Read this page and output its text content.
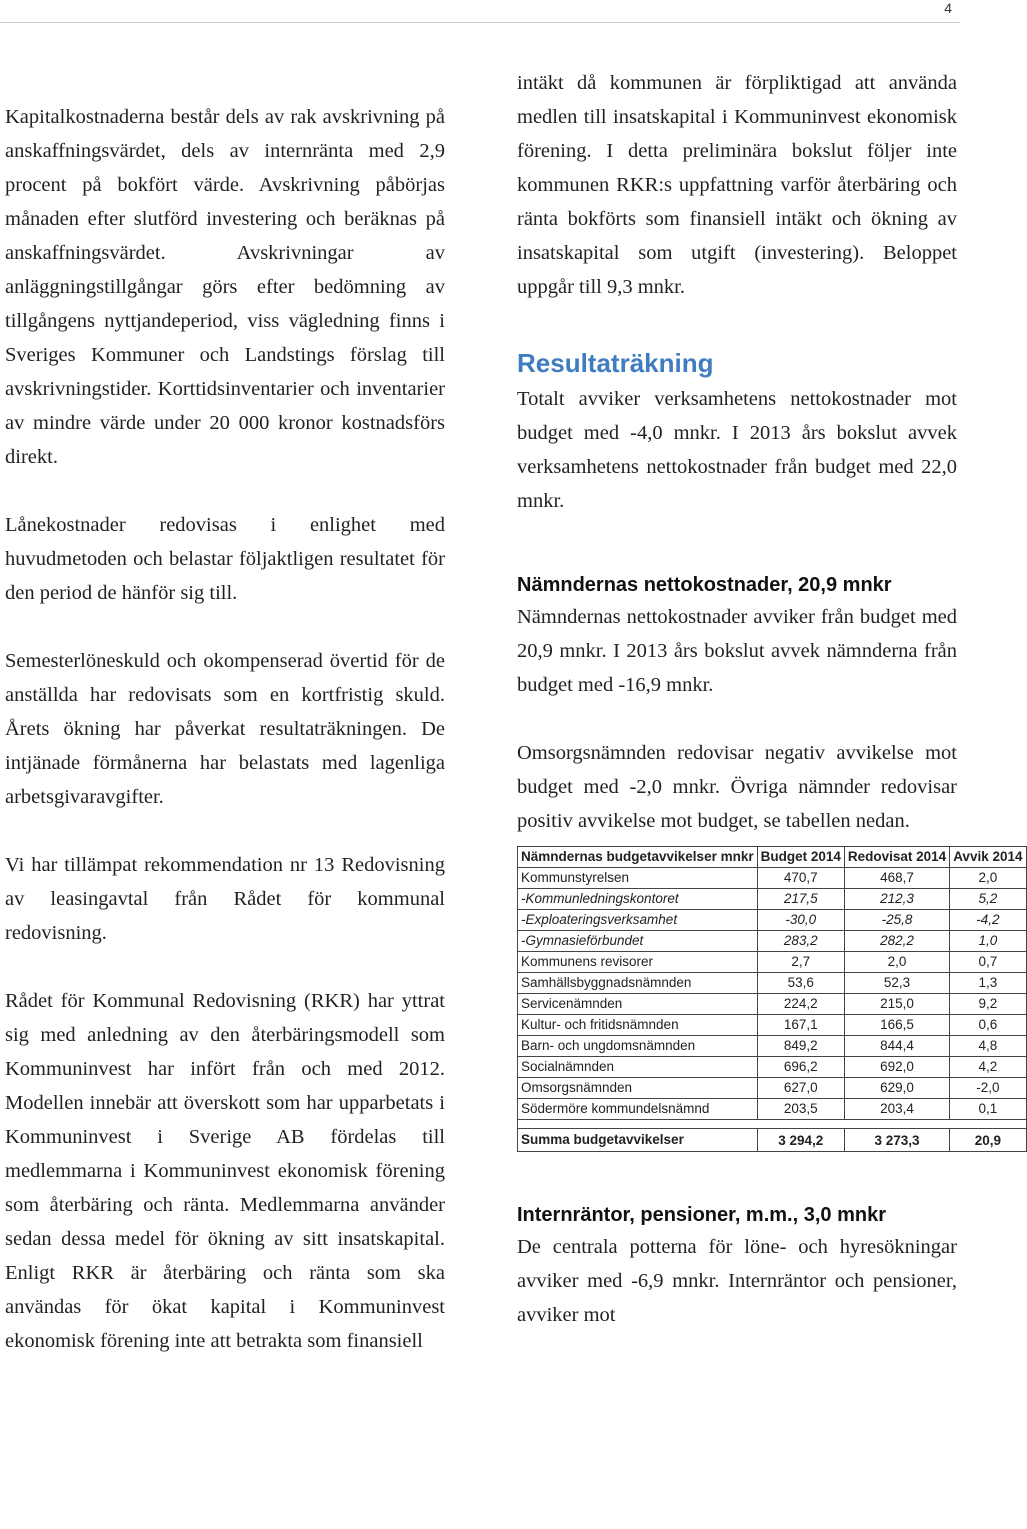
4

Kapitalkostnaderna består dels av rak avskrivning på anskaffningsvärdet, dels av internränta med 2,9 procent på bokfört värde. Avskrivning påbörjas månaden efter slutförd investering och beräknas på anskaffningsvärdet. Avskrivningar av anläggningstillgångar görs efter bedömning av tillgångens nyttjandeperiod, viss vägledning finns i Sveriges Kommuner och Landstings förslag till avskrivningstider. Korttidsinventarier och inventarier av mindre värde under 20 000 kronor kostnadsförs direkt.

Lånekostnader redovisas i enlighet med huvudmetoden och belastar följaktligen resultatet för den period de hänför sig till.

Semesterlöneskuld och okompenserad övertid för de anställda har redovisats som en kortfristig skuld. Årets ökning har påverkat resultaträkningen. De intjänade förmånerna har belastats med lagenliga arbetsgivaravgifter.

Vi har tillämpat rekommendation nr 13 Redovisning av leasingavtal från Rådet för kommunal redovisning.

Rådet för Kommunal Redovisning (RKR) har yttrat sig med anledning av den återbäringsmodell som Kommuninvest har infört från och med 2012. Modellen innebär att överskott som har upparbetats i Kommuninvest i Sverige AB fördelas till medlemmarna i Kommuninvest ekonomisk förening som återbäring och ränta. Medlemmarna använder sedan dessa medel för ökning av sitt insatskapital. Enligt RKR är återbäring och ränta som ska användas för ökat kapital i Kommuninvest ekonomisk förening inte att betrakta som finansiell

intäkt då kommunen är förpliktigad att använda medlen till insatskapital i Kommuninvest ekonomisk förening. I detta preliminära bokslut följer inte kommunen RKR:s uppfattning varför återbäring och ränta bokförts som finansiell intäkt och ökning av insatskapital som utgift (investering). Beloppet uppgår till 9,3 mnkr.

Resultaträkning

Totalt avviker verksamhetens nettokostnader mot budget med -4,0 mnkr. I 2013 års bokslut avvek verksamhetens nettokostnader från budget med 22,0 mnkr.

Nämndernas nettokostnader, 20,9 mnkr

Nämndernas nettokostnader avviker från budget med 20,9 mnkr. I 2013 års bokslut avvek nämnderna från budget med -16,9 mnkr.

Omsorgsnämnden redovisar negativ avvikelse mot budget med -2,0 mnkr. Övriga nämnder redovisar positiv avvikelse mot budget, se tabellen nedan.

Nämndernas budgetavvikelser mnkr	Budget 2014	Redovisat 2014	Avvik 2014
Kommunstyrelsen	470,7	468,7	2,0
-Kommunledningskontoret	217,5	212,3	5,2
-Exploateringsverksamhet	-30,0	-25,8	-4,2
-Gymnasieförbundet	283,2	282,2	1,0
Kommunens revisorer	2,7	2,0	0,7
Samhällsbyggnadsnämnden	53,6	52,3	1,3
Servicenämnden	224,2	215,0	9,2
Kultur- och fritidsnämnden	167,1	166,5	0,6
Barn- och ungdomsnämnden	849,2	844,4	4,8
Socialnämnden	696,2	692,0	4,2
Omsorgsnämnden	627,0	629,0	-2,0
Södermöre kommundelsnämnd	203,5	203,4	0,1

Summa budgetavvikelser	3 294,2	3 273,3	20,9
Internräntor, pensioner, m.m., 3,0 mnkr

De centrala potterna för löne- och hyresökningar avviker med -6,9 mnkr. Internräntor och pensioner, avviker mot
